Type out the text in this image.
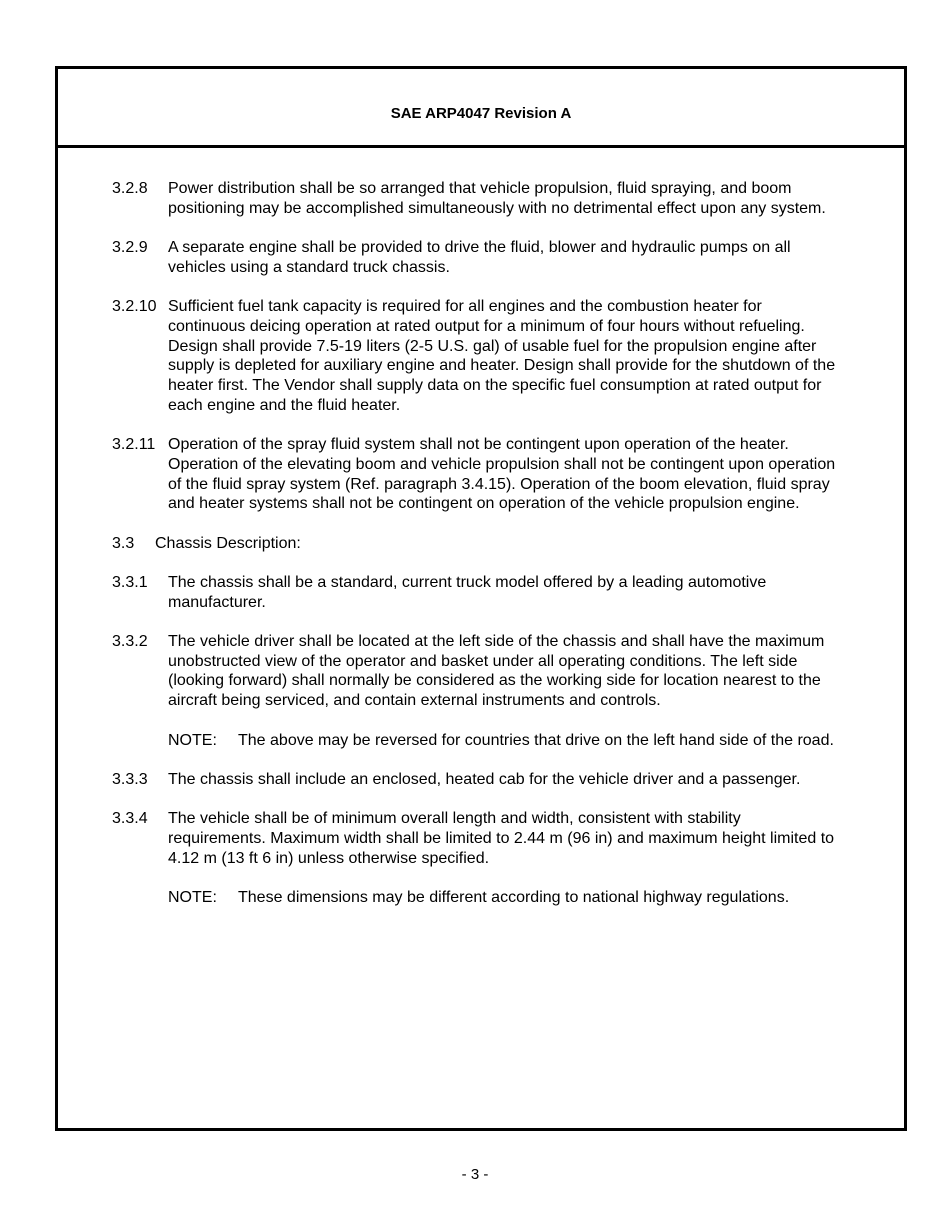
SAE ARP4047 Revision A
3.2.8	Power distribution shall be so arranged that vehicle propulsion, fluid spraying, and boom positioning may be accomplished simultaneously with no detrimental effect upon any system.
3.2.9	A separate engine shall be provided to drive the fluid, blower and hydraulic pumps on all vehicles using a standard truck chassis.
3.2.10 Sufficient fuel tank capacity is required for all engines and the combustion heater for continuous deicing operation at rated output for a minimum of four hours without refueling. Design shall provide 7.5-19 liters (2-5 U.S. gal) of usable fuel for the propulsion engine after supply is depleted for auxiliary engine and heater. Design shall provide for the shutdown of the heater first. The Vendor shall supply data on the specific fuel consumption at rated output for each engine and the fluid heater.
3.2.11 Operation of the spray fluid system shall not be contingent upon operation of the heater. Operation of the elevating boom and vehicle propulsion shall not be contingent upon operation of the fluid spray system (Ref. paragraph 3.4.15). Operation of the boom elevation, fluid spray and heater systems shall not be contingent on operation of the vehicle propulsion engine.
3.3	Chassis Description:
3.3.1	The chassis shall be a standard, current truck model offered by a leading automotive manufacturer.
3.3.2	The vehicle driver shall be located at the left side of the chassis and shall have the maximum unobstructed view of the operator and basket under all operating conditions. The left side (looking forward) shall normally be considered as the working side for location nearest to the aircraft being serviced, and contain external instruments and controls.
NOTE:	The above may be reversed for countries that drive on the left hand side of the road.
3.3.3	The chassis shall include an enclosed, heated cab for the vehicle driver and a passenger.
3.3.4	The vehicle shall be of minimum overall length and width, consistent with stability requirements. Maximum width shall be limited to 2.44 m (96 in) and maximum height limited to 4.12 m (13 ft 6 in) unless otherwise specified.
NOTE:	These dimensions may be different according to national highway regulations.
- 3 -
